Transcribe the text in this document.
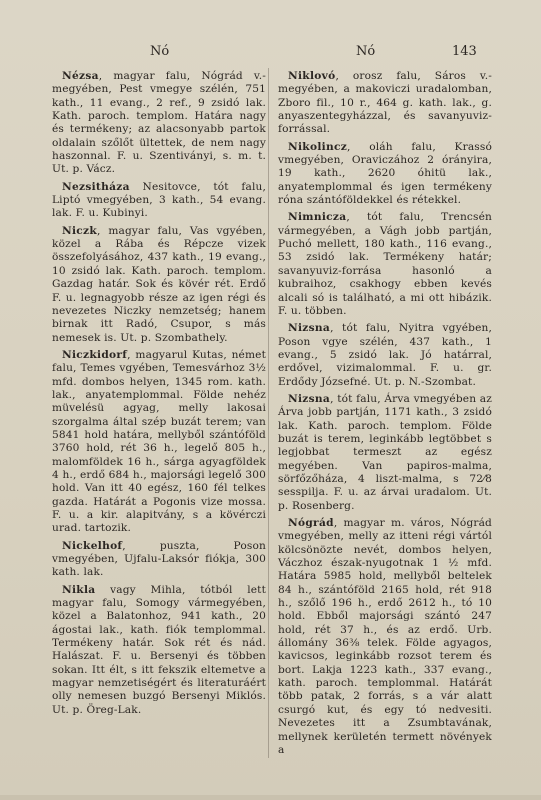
Nó	Nó	143

Nézsa, magyar falu, Nógrád v.-megyében, Pest vmegye szélén, 751 kath., 11 evang., 2 ref., 9 zsidó lak. Kath. paroch. templom. Határa nagy és termékeny; az alacsonyabb partok oldalain szőlőt ültettek, de nem nagy haszonnal. F. u. Szentiványi, s. m. t. Ut. p. Vácz.

Nezsitháza Nesitovce, tót falu, Liptó vmegyében, 3 kath., 54 evang. lak. F. u. Kubinyi.

Niczk, magyar falu, Vas vgyében, közel a Rába és Répcze vizek összefolyásához, 437 kath., 19 evang., 10 zsidó lak. Kath. paroch. templom. Gazdag határ. Sok és kövér rét. Erdő F. u. legnagyobb része az igen régi és nevezetes Niczky nemzetség; hanem birnak itt Radó, Csupor, s más nemesek is. Ut. p. Szombathely.

Niczkidorf, magyarul Kutas, német falu, Temes vgyében, Temesvárhoz 3½ mfd. dombos helyen, 1345 rom. kath. lak., anyatemplommal. Földe nehéz müvelésü agyag, melly lakosai szorgalma által szép buzát terem; van 5841 hold határa, mellyből szántóföld 3760 hold, rét 36 h., legelő 805 h., malomföldek 16 h., sárga agyagföldek 4 h., erdő 684 h., majorsági legelő 300 hold. Van itt 40 egész, 160 fél telkes gazda. Határát a Pogonis vize mossa. F. u. a kir. alapitvány, s a kövérczi urad. tartozik.

Nickelhof, puszta, Poson vmegyében, Ujfalu-Laksór fiókja, 300 kath. lak.

Nikla vagy Mihla, tótból lett magyar falu, Somogy vármegyében, közel a Balatonhoz, 941 kath., 20 ágostai lak., kath. fiók templommal. Termékeny határ. Sok rét és nád. Halászat. F. u. Bersenyi és többen sokan. Itt élt, s itt fekszik eltemetve a magyar nemzetiségért és literaturáért olly nemesen buzgó Bersenyi Miklós. Ut. p. Öreg-Lak.

Niklovó, orosz falu, Sáros v.-megyében, a makoviczi uradalomban, Zboro fil., 10 r., 464 g. kath. lak., g. anyaszentegyházzal, és savanyuviz-forrással.

Nikolincz, oláh falu, Krassó vmegyében, Oraviczához 2 órányira, 19 kath., 2620 óhitü lak., anyatemplommal és igen termékeny róna szántóföldekkel és rétekkel.

Nimnicza, tót falu, Trencsén vármegyében, a Vágh jobb partján, Puchó mellett, 180 kath., 116 evang., 53 zsidó lak. Termékeny határ; savanyuviz-forrása hasonló a kubraihoz, csakhogy ebben kevés alcali só is található, a mi ott hibázik. F. u. többen.

Nizsna, tót falu, Nyitra vgyében, Poson vgye szélén, 437 kath., 1 evang., 5 zsidó lak. Jó határral, erdővel, vizimalommal. F. u. gr. Erdődy Józsefné. Ut. p. N.-Szombat.

Nizsna, tót falu, Árva vmegyében az Árva jobb partján, 1171 kath., 3 zsidó lak. Kath. paroch. templom. Földe buzát is terem, leginkább legtöbbet s legjobbat termeszt az egész megyében. Van papiros-malma, sörfőzőháza, 4 liszt-malma, s 72⁄8 sesspilja. F. u. az árvai uradalom. Ut. p. Rosenberg.

Nógrád, magyar m. város, Nógrád vmegyében, melly az itteni régi vártól kölcsönözte nevét, dombos helyen, Váczhoz észak-nyugotnak 1 ½ mfd. Határa 5985 hold, mellyből beltelek 84 h., szántóföld 2165 hold, rét 918 h., szőlő 196 h., erdő 2612 h., tó 10 hold. Ebből majorsági szántó 247 hold, rét 37 h., és az erdő. Urb. állomány 36⅜ telek. Földe agyagos, kavicsos, leginkább rozsot terem és bort. Lakja 1223 kath., 337 evang., kath. paroch. templommal. Határát több patak, 2 forrás, s a vár alatt csurgó kut, és egy tó nedvesiti. Nevezetes itt a Zsumbtavának, mellynek kerületén termett növények a
